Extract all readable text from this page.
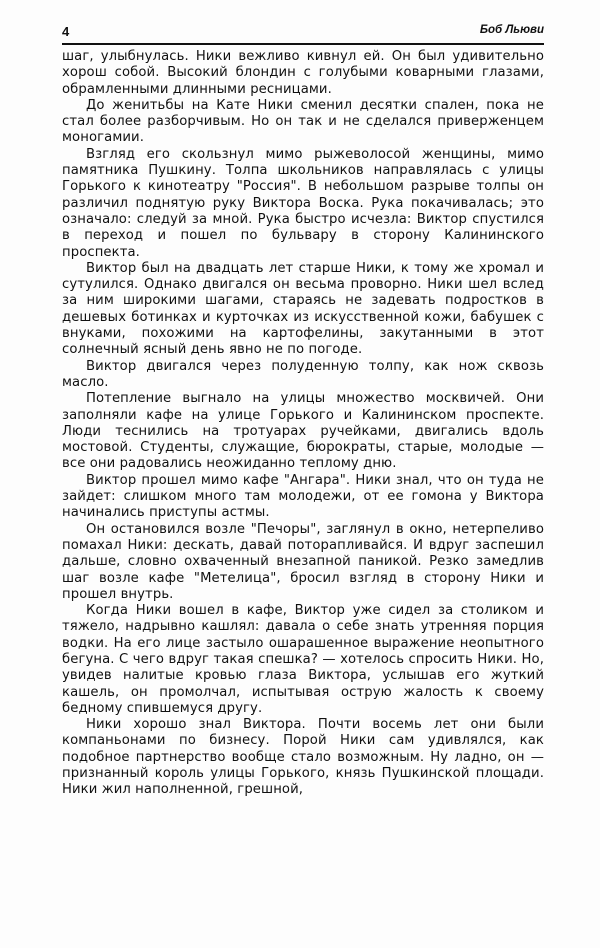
4	Боб Льюви

шаг, улыбнулась. Ники вежливо кивнул ей. Он был удивительно хорош собой. Высокий блондин с голубыми коварными глазами, обрамленными длинными ресницами.

До женитьбы на Кате Ники сменил десятки спален, пока не стал более разборчивым. Но он так и не сделался приверженцем моногамии.

Взгляд его скользнул мимо рыжеволосой женщины, мимо памятника Пушкину. Толпа школьников направлялась с улицы Горького к кинотеатру "Россия". В небольшом разрыве толпы он различил поднятую руку Виктора Воска. Рука покачивалась; это означало: следуй за мной. Рука быстро исчезла: Виктор спустился в переход и пошел по бульвару в сторону Калининского проспекта.

Виктор был на двадцать лет старше Ники, к тому же хромал и сутулился. Однако двигался он весьма проворно. Ники шел вслед за ним широкими шагами, стараясь не задевать подростков в дешевых ботинках и курточках из искусственной кожи, бабушек с внуками, похожими на картофелины, закутанными в этот солнечный ясный день явно не по погоде.

Виктор двигался через полуденную толпу, как нож сквозь масло.

Потепление выгнало на улицы множество москвичей. Они заполняли кафе на улице Горького и Калининском проспекте. Люди теснились на тротуарах ручейками, двигались вдоль мостовой. Студенты, служащие, бюрократы, старые, молодые — все они радовались неожиданно теплому дню.

Виктор прошел мимо кафе "Ангара". Ники знал, что он туда не зайдет: слишком много там молодежи, от ее гомона у Виктора начинались приступы астмы.

Он остановился возле "Печоры", заглянул в окно, нетерпеливо помахал Ники: дескать, давай поторапливайся. И вдруг заспешил дальше, словно охваченный внезапной паникой. Резко замедлив шаг возле кафе "Метелица", бросил взгляд в сторону Ники и прошел внутрь.

Когда Ники вошел в кафе, Виктор уже сидел за столиком и тяжело, надрывно кашлял: давала о себе знать утренняя порция водки. На его лице застыло ошарашенное выражение неопытного бегуна. С чего вдруг такая спешка? — хотелось спросить Ники. Но, увидев налитые кровью глаза Виктора, услышав его жуткий кашель, он промолчал, испытывая острую жалость к своему бедному спившемуся другу.

Ники хорошо знал Виктора. Почти восемь лет они были компаньонами по бизнесу. Порой Ники сам удивлялся, как подобное партнерство вообще стало возможным. Ну ладно, он — признанный король улицы Горького, князь Пушкинской площади. Ники жил наполненной, грешной,
